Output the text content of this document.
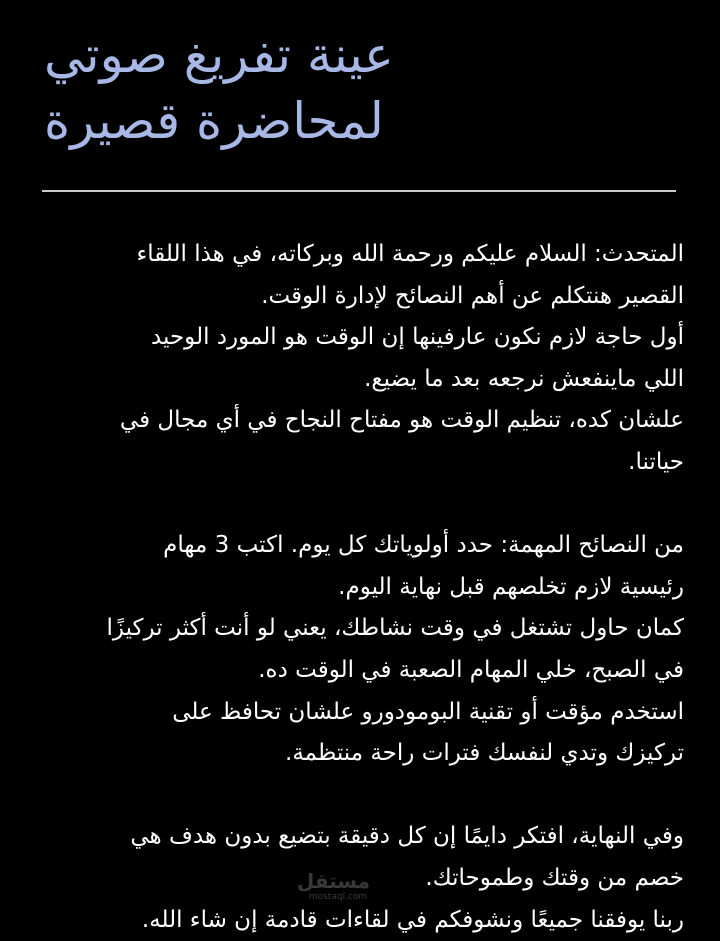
عينة تفريغ صوتي
لمحاضرة قصيرة
المتحدث: السلام عليكم ورحمة الله وبركاته، في هذا اللقاء
القصير هنتكلم عن أهم النصائح لإدارة الوقت.
أول حاجة لازم نكون عارفينها إن الوقت هو المورد الوحيد
اللي ماينفعش نرجعه بعد ما يضيع.
علشان كده، تنظيم الوقت هو مفتاح النجاح في أي مجال في
حياتنا.
من النصائح المهمة: حدد أولوياتك كل يوم. اكتب 3 مهام
رئيسية لازم تخلصهم قبل نهاية اليوم.
كمان حاول تشتغل في وقت نشاطك، يعني لو أنت أكثر تركيزًا
في الصبح، خلي المهام الصعبة في الوقت ده.
استخدم مؤقت أو تقنية البومودورو علشان تحافظ على
تركيزك وتدي لنفسك فترات راحة منتظمة.
وفي النهاية، افتكر دايمًا إن كل دقيقة بتضيع بدون هدف هي
خصم من وقتك وطموحاتك.
ربنا يوفقنا جميعًا ونشوفكم في لقاءات قادمة إن شاء الله.
مستقل
mostaql.com
